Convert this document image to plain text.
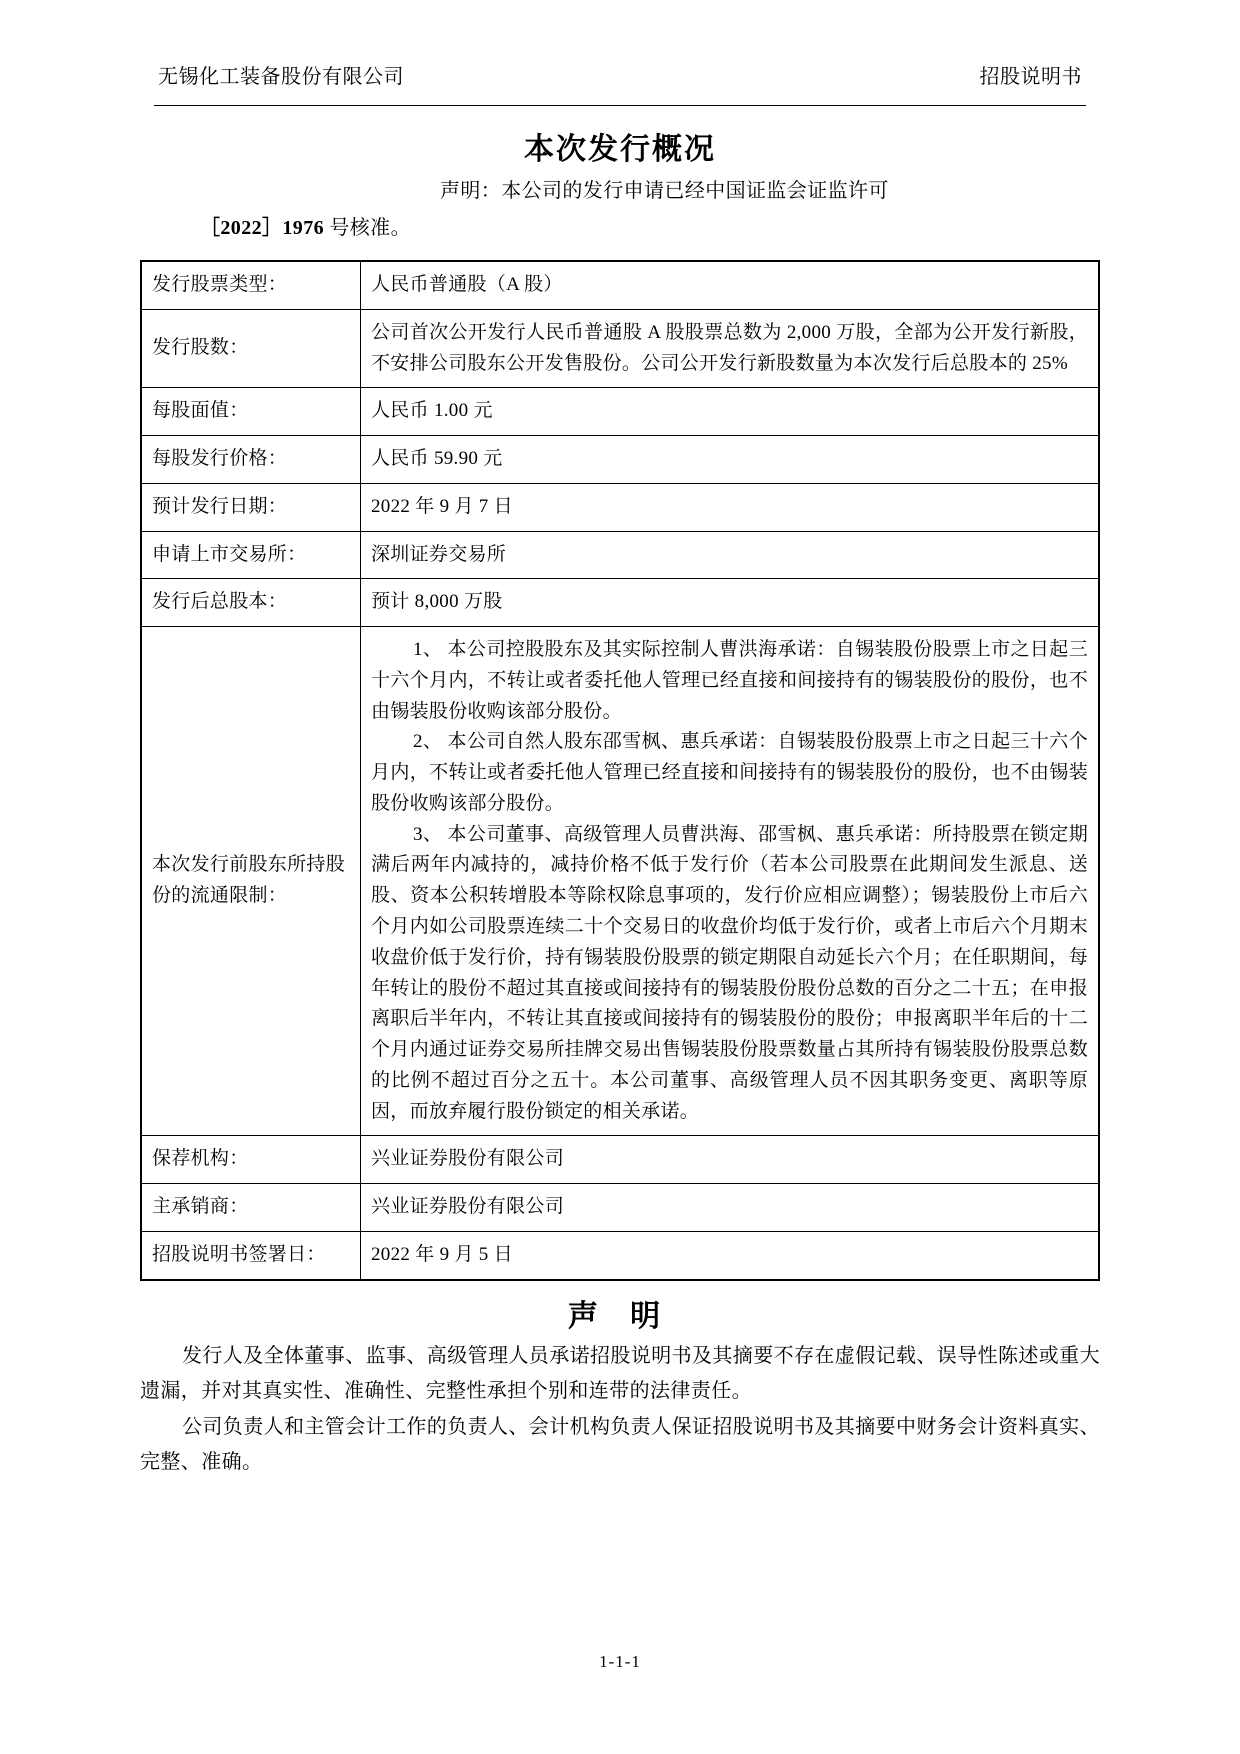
无锡化工装备股份有限公司	招股说明书
本次发行概况
声明：本公司的发行申请已经中国证监会证监许可
［2022］1976 号核准。
发行股票类型：	人民币普通股（A 股）
发行股数：	公司首次公开发行人民币普通股 A 股股票总数为 2,000 万股，全部为公开发行新股，不安排公司股东公开发售股份。公司公开发行新股数量为本次发行后总股本的 25%
每股面值：	人民币 1.00 元
每股发行价格：	人民币 59.90 元
预计发行日期：	2022 年 9 月 7 日
申请上市交易所：	深圳证券交易所
发行后总股本：	预计 8,000 万股
本次发行前股东所持股份的流通限制：	1、 本公司控股股东及其实际控制人曹洪海承诺：自锡装股份股票上市之日起三十六个月内，不转让或者委托他人管理已经直接和间接持有的锡装股份的股份，也不由锡装股份收购该部分股份。

2、 本公司自然人股东邵雪枫、惠兵承诺：自锡装股份股票上市之日起三十六个月内，不转让或者委托他人管理已经直接和间接持有的锡装股份的股份，也不由锡装股份收购该部分股份。

3、 本公司董事、高级管理人员曹洪海、邵雪枫、惠兵承诺：所持股票在锁定期满后两年内减持的，减持价格不低于发行价（若本公司股票在此期间发生派息、送股、资本公积转增股本等除权除息事项的，发行价应相应调整）；锡装股份上市后六个月内如公司股票连续二十个交易日的收盘价均低于发行价，或者上市后六个月期末收盘价低于发行价，持有锡装股份股票的锁定期限自动延长六个月；在任职期间，每年转让的股份不超过其直接或间接持有的锡装股份股份总数的百分之二十五；在申报离职后半年内，不转让其直接或间接持有的锡装股份的股份；申报离职半年后的十二个月内通过证券交易所挂牌交易出售锡装股份股票数量占其所持有锡装股份股票总数的比例不超过百分之五十。本公司董事、高级管理人员不因其职务变更、离职等原因，而放弃履行股份锁定的相关承诺。

保荐机构：	兴业证券股份有限公司
主承销商：	兴业证券股份有限公司
招股说明书签署日：	2022 年 9 月 5 日
声 明

发行人及全体董事、监事、高级管理人员承诺招股说明书及其摘要不存在虚假记载、误导性陈述或重大遗漏，并对其真实性、准确性、完整性承担个别和连带的法律责任。

公司负责人和主管会计工作的负责人、会计机构负责人保证招股说明书及其摘要中财务会计资料真实、完整、准确。

1-1-1
